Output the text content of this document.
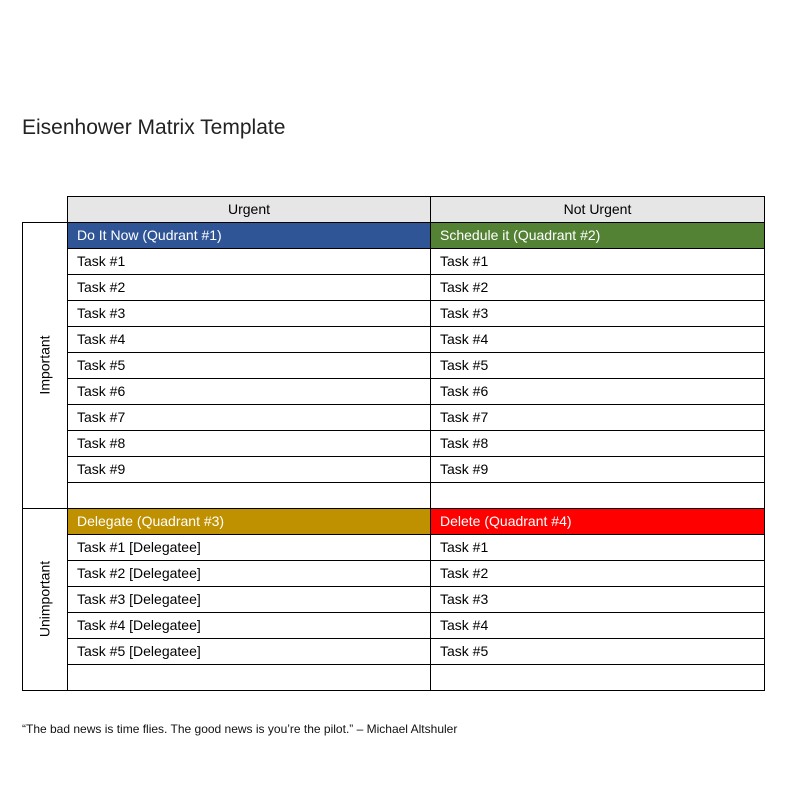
Eisenhower Matrix Template
	Urgent	Not Urgent

Important	Do It Now (Qudrant #1)	Schedule it (Quadrant #2)
	Task #1	Task #1
	Task #2	Task #2
	Task #3	Task #3
	Task #4	Task #4
	Task #5	Task #5
	Task #6	Task #6
	Task #7	Task #7
	Task #8	Task #8
	Task #9	Task #9

Unimportant	Delegate (Quadrant #3)	Delete (Quadrant #4)
	Task #1 [Delegatee]	Task #1
	Task #2 [Delegatee]	Task #2
	Task #3 [Delegatee]	Task #3
	Task #4 [Delegatee]	Task #4
	Task #5 [Delegatee]	Task #5

“The bad news is time flies. The good news is you’re the pilot.” – Michael Altshuler
